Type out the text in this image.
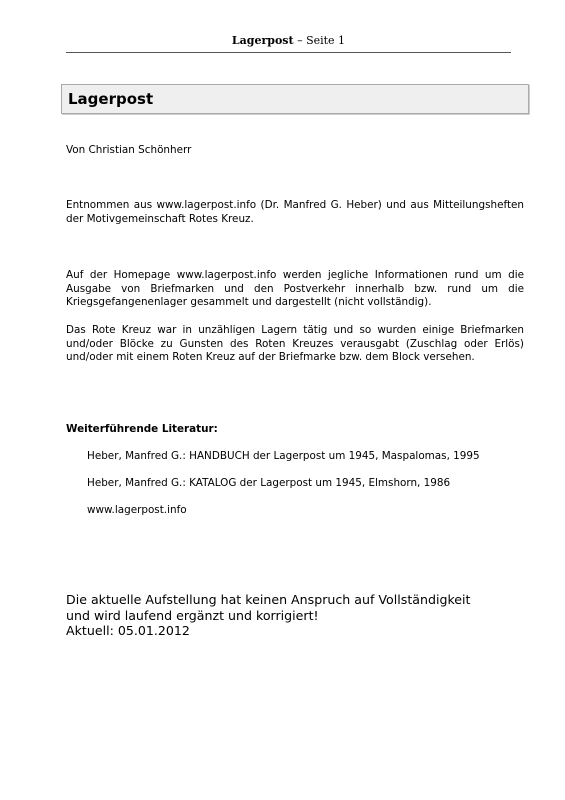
Lagerpost – Seite 1
Lagerpost
Von Christian Schönherr
Entnommen aus www.lagerpost.info (Dr. Manfred G. Heber) und aus Mitteilungsheften der Motivgemeinschaft Rotes Kreuz.
Auf der Homepage www.lagerpost.info werden jegliche Informationen rund um die Ausgabe von Briefmarken und den Postverkehr innerhalb bzw. rund um die Kriegsgefangenenlager gesammelt und dargestellt (nicht vollständig).
Das Rote Kreuz war in unzähligen Lagern tätig und so wurden einige Briefmarken und/oder Blöcke zu Gunsten des Roten Kreuzes verausgabt (Zuschlag oder Erlös) und/oder mit einem Roten Kreuz auf der Briefmarke bzw. dem Block versehen.
Weiterführende Literatur:
Heber, Manfred G.: HANDBUCH der Lagerpost um 1945, Maspalomas, 1995
Heber, Manfred G.: KATALOG der Lagerpost um 1945, Elmshorn, 1986
www.lagerpost.info
Die aktuelle Aufstellung hat keinen Anspruch auf Vollständigkeit
und wird laufend ergänzt und korrigiert!
Aktuell: 05.01.2012
